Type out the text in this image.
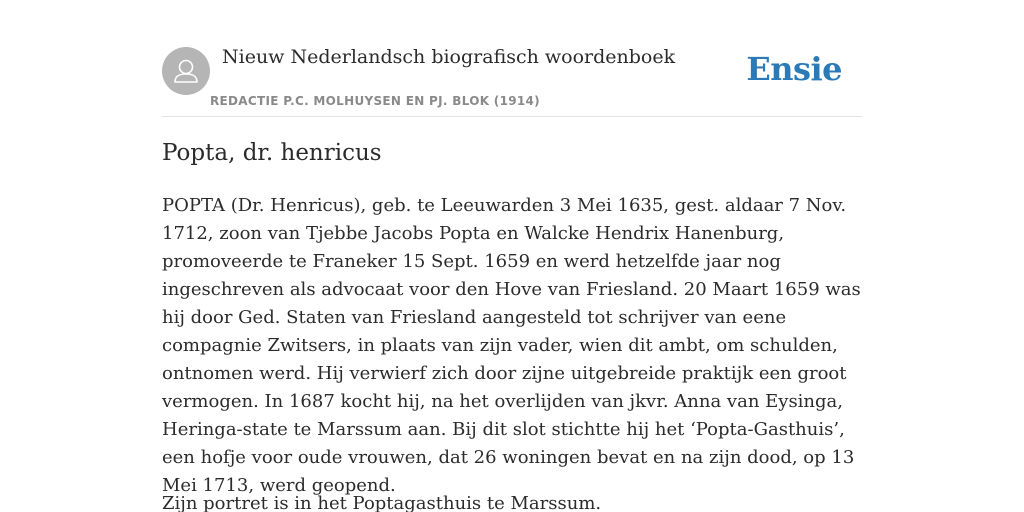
Nieuw Nederlandsch biografisch woordenboek
REDACTIE P.C. MOLHUYSEN EN PJ. BLOK (1914)
Ensie
Popta, dr. henricus

POPTA (Dr. Henricus), geb. te Leeuwarden 3 Mei 1635, gest. aldaar 7 Nov. 1712, zoon van Tjebbe Jacobs Popta en Walcke Hendrix Hanenburg, promoveerde te Franeker 15 Sept. 1659 en werd hetzelfde jaar nog ingeschreven als advocaat voor den Hove van Friesland. 20 Maart 1659 was hij door Ged. Staten van Friesland aangesteld tot schrijver van eene compagnie Zwitsers, in plaats van zijn vader, wien dit ambt, om schulden, ontnomen werd. Hij verwierf zich door zijne uitgebreide praktijk een groot vermogen. In 1687 kocht hij, na het overlijden van jkvr. Anna van Eysinga, Heringa-state te Marssum aan. Bij dit slot stichtte hij het ‘Popta-Gasthuis’, een hofje voor oude vrouwen, dat 26 woningen bevat en na zijn dood, op 13 Mei 1713, werd geopend.

Zijn portret is in het Poptagasthuis te Marssum.
